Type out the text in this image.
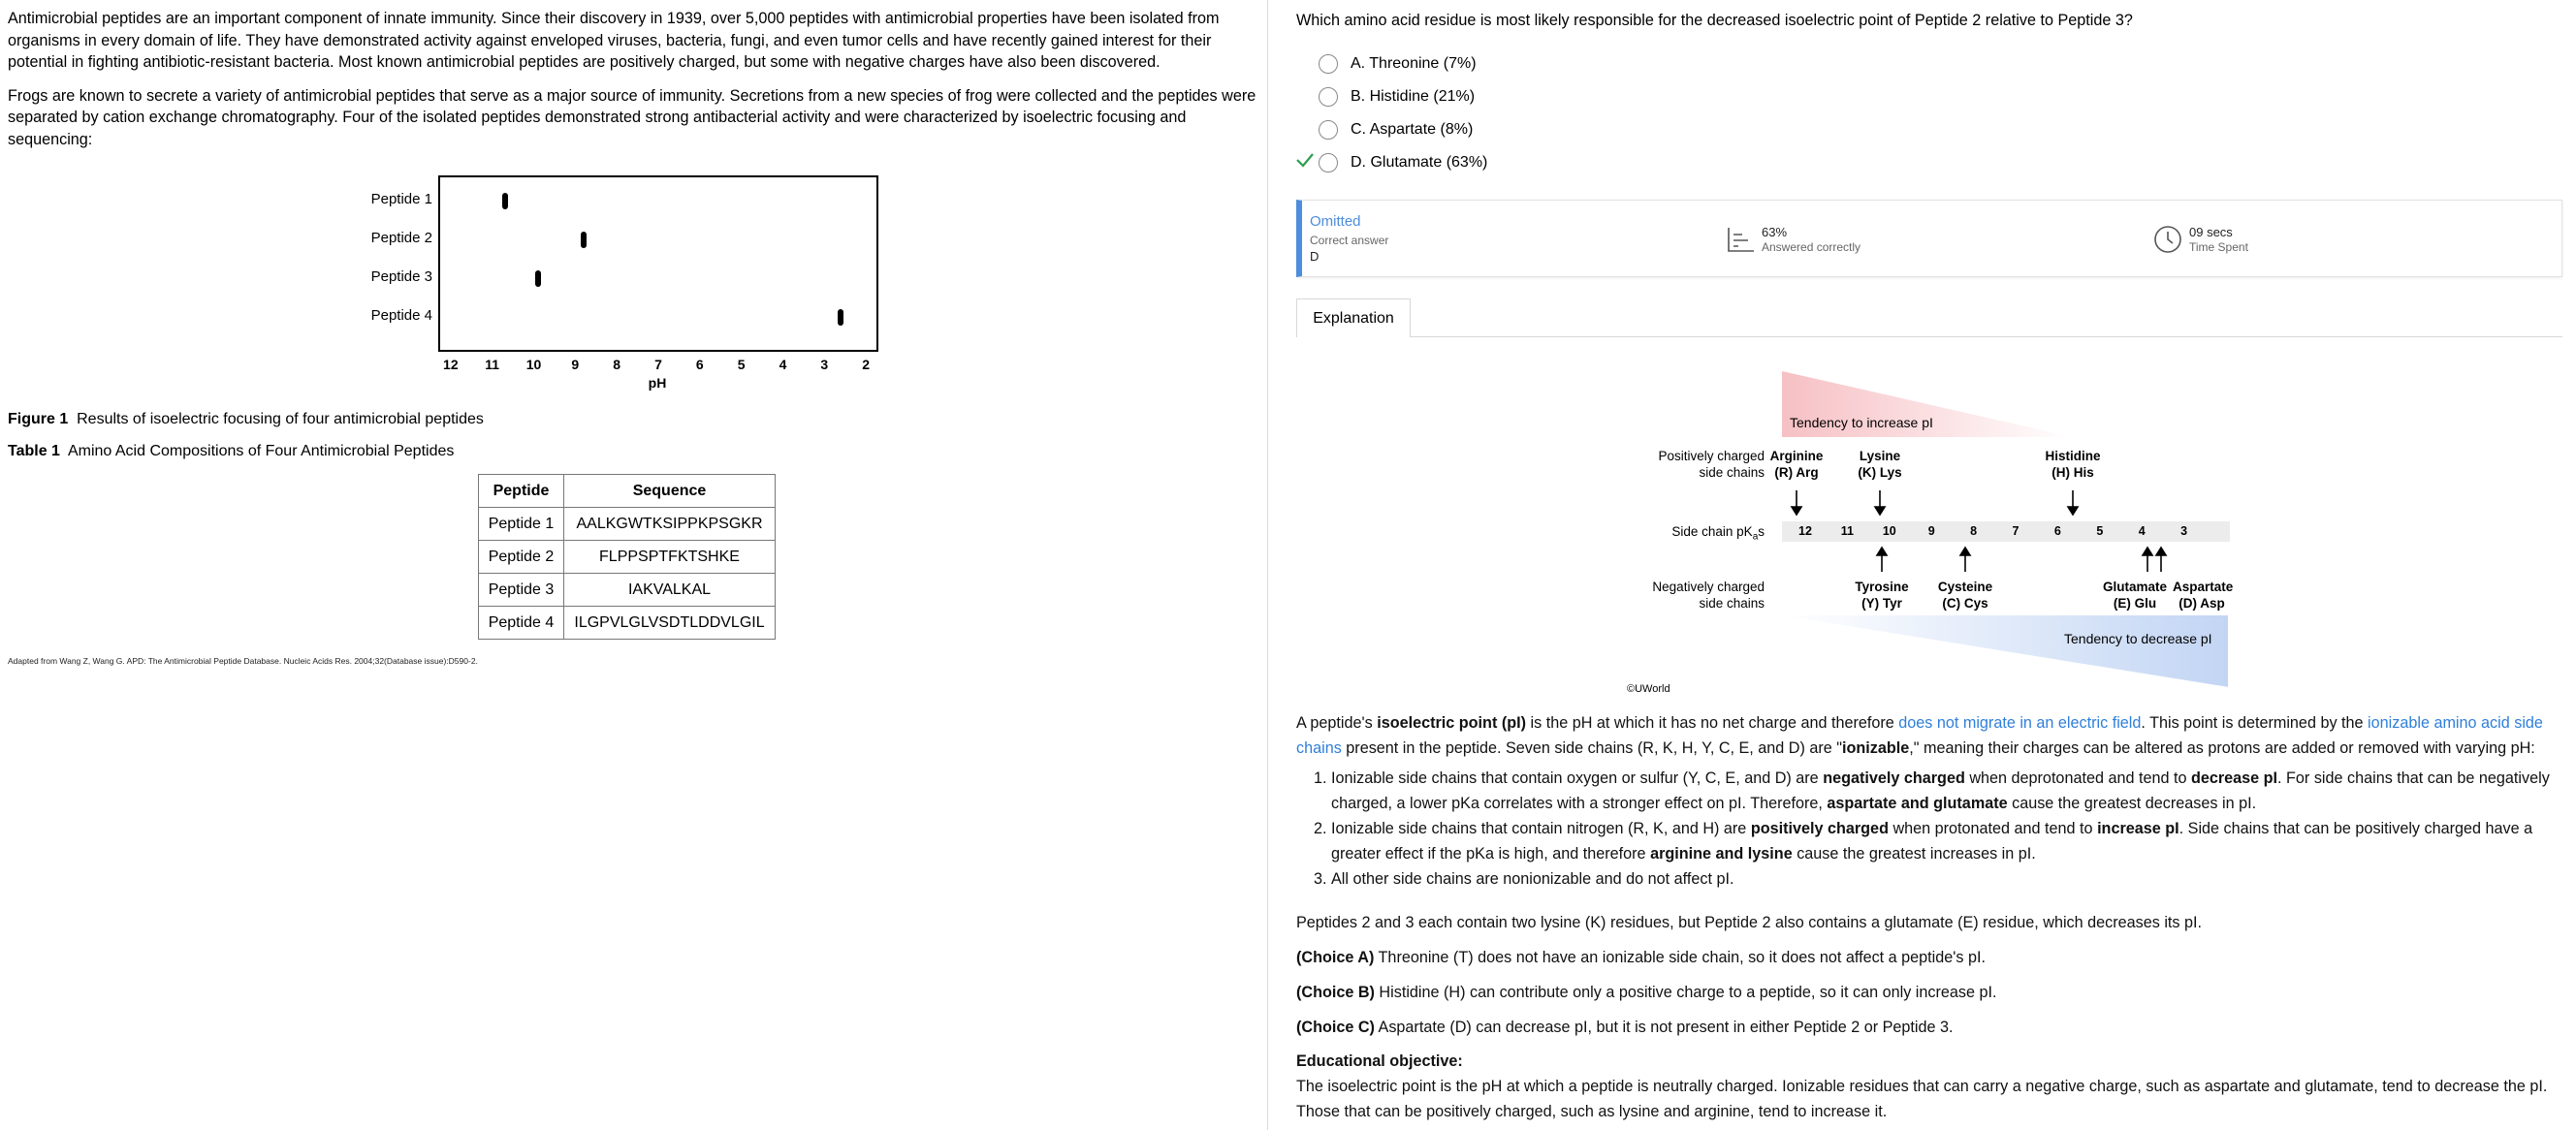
Antimicrobial peptides are an important component of innate immunity. Since their discovery in 1939, over 5,000 peptides with antimicrobial properties have been isolated from organisms in every domain of life. They have demonstrated activity against enveloped viruses, bacteria, fungi, and even tumor cells and have recently gained interest for their potential in fighting antibiotic-resistant bacteria. Most known antimicrobial peptides are positively charged, but some with negative charges have also been discovered.

Frogs are known to secrete a variety of antimicrobial peptides that serve as a major source of immunity. Secretions from a new species of frog were collected and the peptides were separated by cation exchange chromatography. Four of the isolated peptides demonstrated strong antibacterial activity and were characterized by isoelectric focusing and sequencing:

Peptide 1
Peptide 2
Peptide 3
Peptide 4
pH
12	11	10	9	8	7	6	5	4	3	2
Figure 1 Results of isoelectric focusing of four antimicrobial peptides
Table 1 Amino Acid Compositions of Four Antimicrobial Peptides
Peptide	Sequence
Peptide 1	AALKGWTKSIPPKPSGKR
Peptide 2	FLPPSPTFKTSHKE
Peptide 3	IAKVALKAL
Peptide 4	ILGPVLGLVSDTLDDVLGIL
Adapted from Wang Z, Wang G. APD: The Antimicrobial Peptide Database. Nucleic Acids Res. 2004;32(Database issue):D590-2.
Which amino acid residue is most likely responsible for the decreased isoelectric point of Peptide 2 relative to Peptide 3?
A. Threonine (7%)
B. Histidine (21%)
C. Aspartate (8%)
D. Glutamate (63%)
Omitted
Correct answer
D
63%
Answered correctly
09 secs
Time Spent
Explanation
Tendency to increase pI
Tendency to decrease pI
Positively charged
side chains
Arginine
(R) Arg
Lysine
(K) Lys
Histidine
(H) His
Side chain $pK_as$
Negatively charged
side chains
Tyrosine
(Y) Tyr
Cysteine
(C) Cys
Glutamate
(E) Glu
Aspartate
(D) Asp
©UWorld
12	11	10	9	8	7	6	5	4	3
A peptide's isoelectric point (pI) is the pH at which it has no net charge and therefore does not migrate in an electric field. This point is determined by the ionizable amino acid side chains present in the peptide. Seven side chains (R, K, H, Y, C, E, and D) are "ionizable," meaning their charges can be altered as protons are added or removed with varying pH:
1. Ionizable side chains that contain oxygen or sulfur (Y, C, E, and D) are negatively charged when deprotonated and tend to decrease pI. For side chains that can be negatively charged, a lower pKa correlates with a stronger effect on pI. Therefore, aspartate and glutamate cause the greatest decreases in pI.
2. Ionizable side chains that contain nitrogen (R, K, and H) are positively charged when protonated and tend to increase pI. Side chains that can be positively charged have a greater effect if the pKa is high, and therefore arginine and lysine cause the greatest increases in pI.
3. All other side chains are nonionizable and do not affect pI.
Peptides 2 and 3 each contain two lysine (K) residues, but Peptide 2 also contains a glutamate (E) residue, which decreases its pI.
(Choice A) Threonine (T) does not have an ionizable side chain, so it does not affect a peptide's pI.
(Choice B) Histidine (H) can contribute only a positive charge to a peptide, so it can only increase pI.
(Choice C) Aspartate (D) can decrease pI, but it is not present in either Peptide 2 or Peptide 3.
Educational objective:
The isoelectric point is the pH at which a peptide is neutrally charged. Ionizable residues that can carry a negative charge, such as aspartate and glutamate, tend to decrease the pI. Those that can be positively charged, such as lysine and arginine, tend to increase it.
